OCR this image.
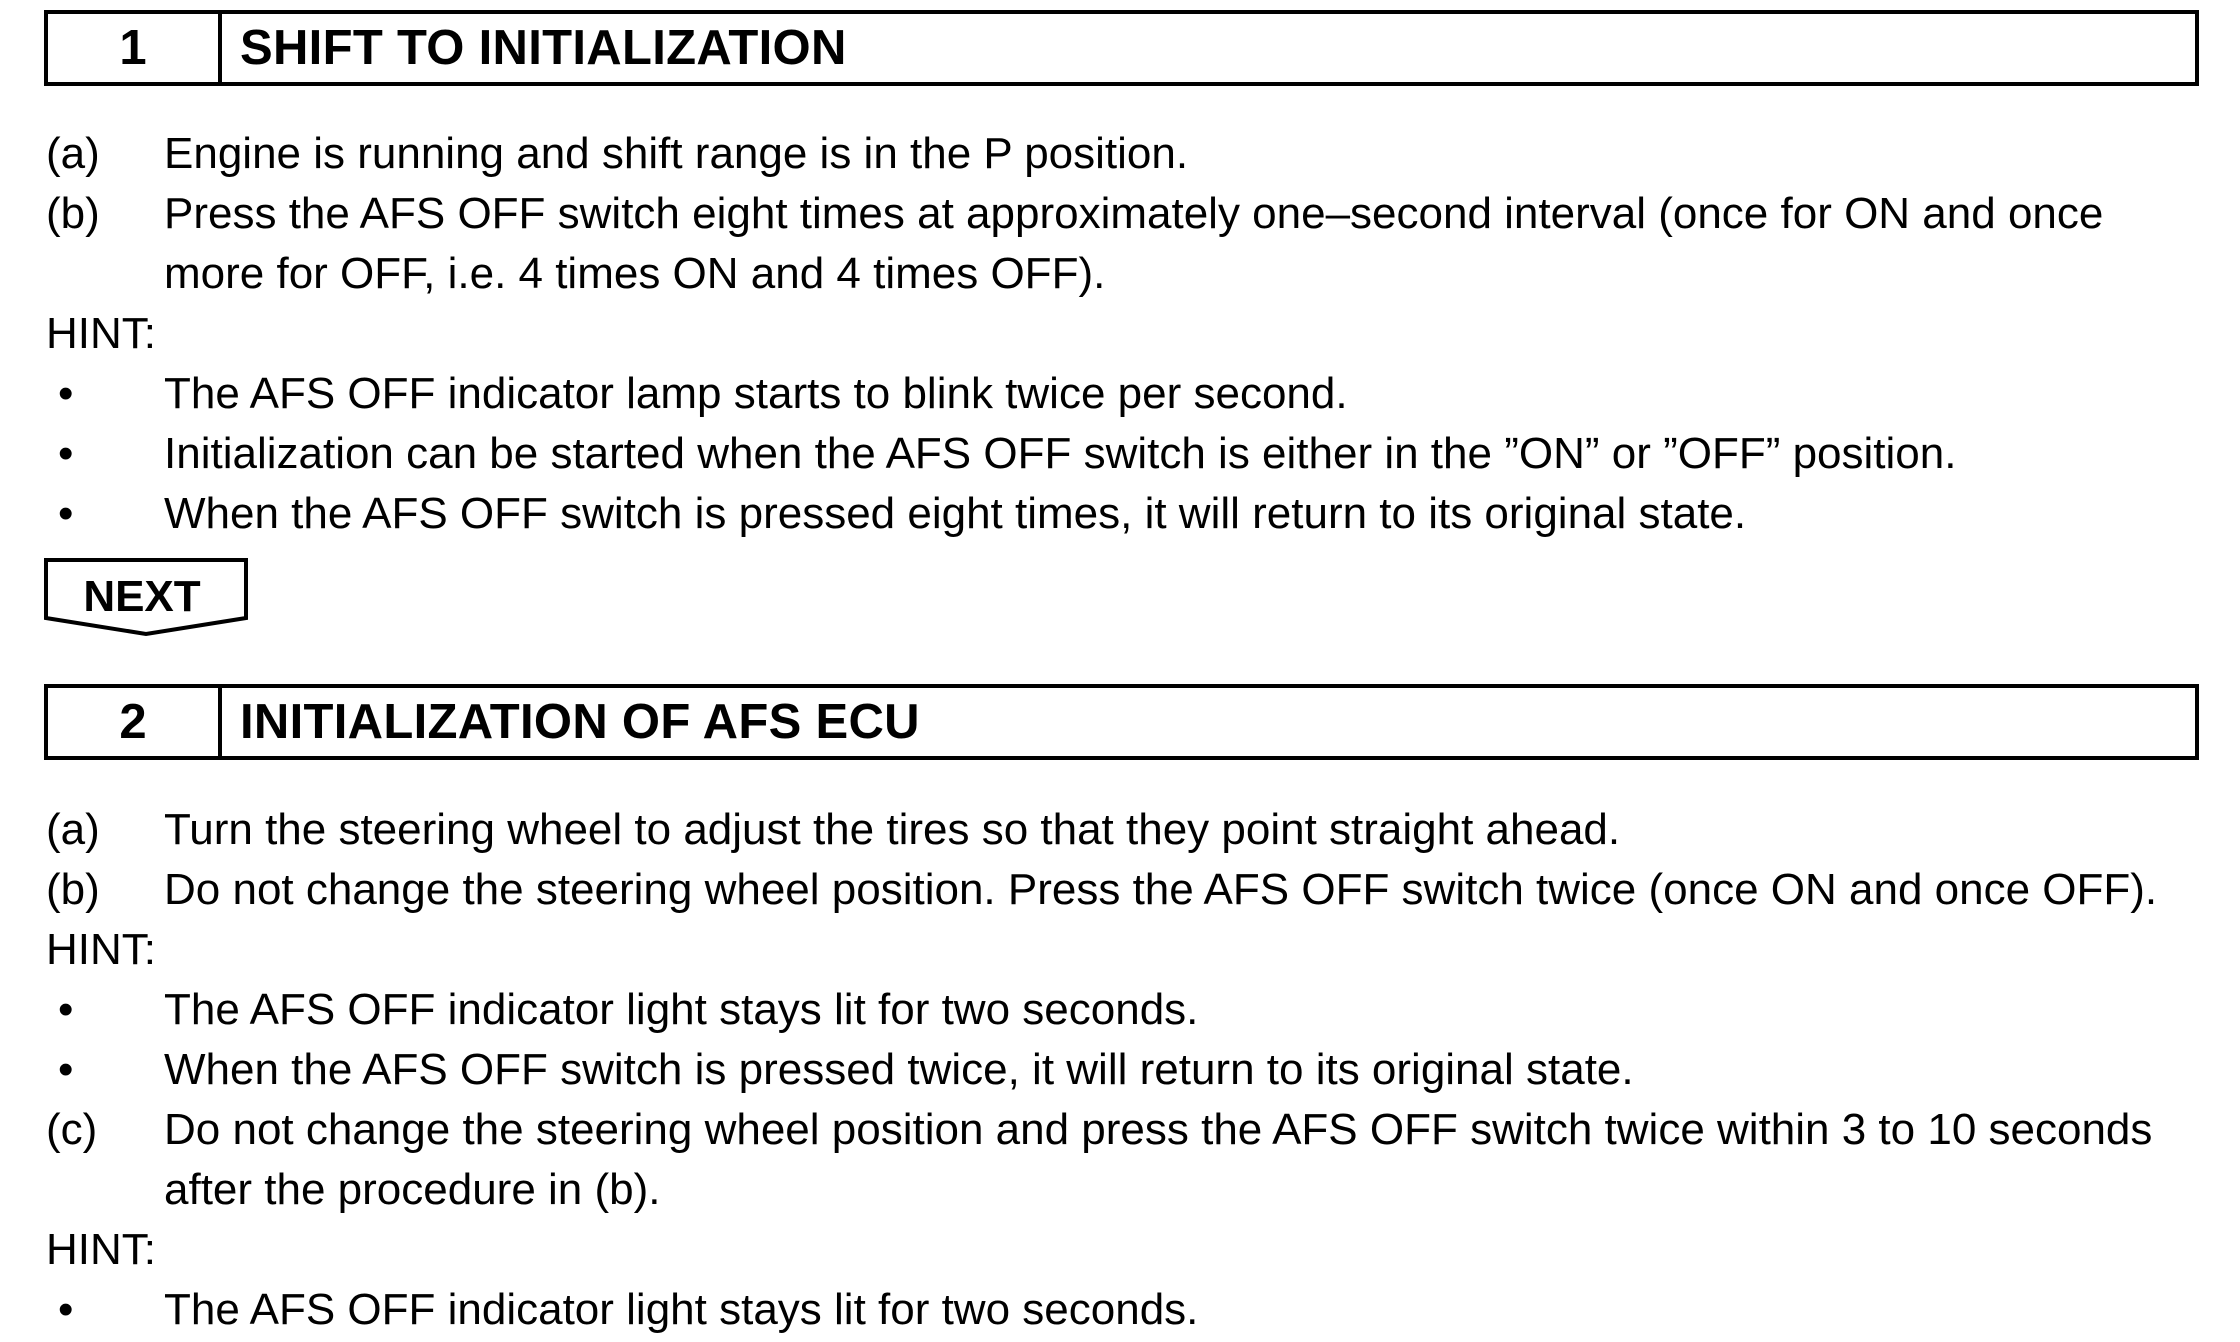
1	SHIFT TO INITIALIZATION
(a) Engine is running and shift range is in the P position.
(b) Press the AFS OFF switch eight times at approximately one–second interval (once for ON and once
more for OFF, i.e. 4 times ON and 4 times OFF).
HINT:
• The AFS OFF indicator lamp starts to blink twice per second.
• Initialization can be started when the AFS OFF switch is either in the ”ON” or ”OFF” position.
• When the AFS OFF switch is pressed eight times, it will return to its original state.
NEXT
2	INITIALIZATION OF AFS ECU
(a) Turn the steering wheel to adjust the tires so that they point straight ahead.
(b) Do not change the steering wheel position. Press the AFS OFF switch twice (once ON and once OFF).
HINT:
• The AFS OFF indicator light stays lit for two seconds.
• When the AFS OFF switch is pressed twice, it will return to its original state.
(c) Do not change the steering wheel position and press the AFS OFF switch twice within 3 to 10 seconds
after the procedure in (b).
HINT:
• The AFS OFF indicator light stays lit for two seconds.
